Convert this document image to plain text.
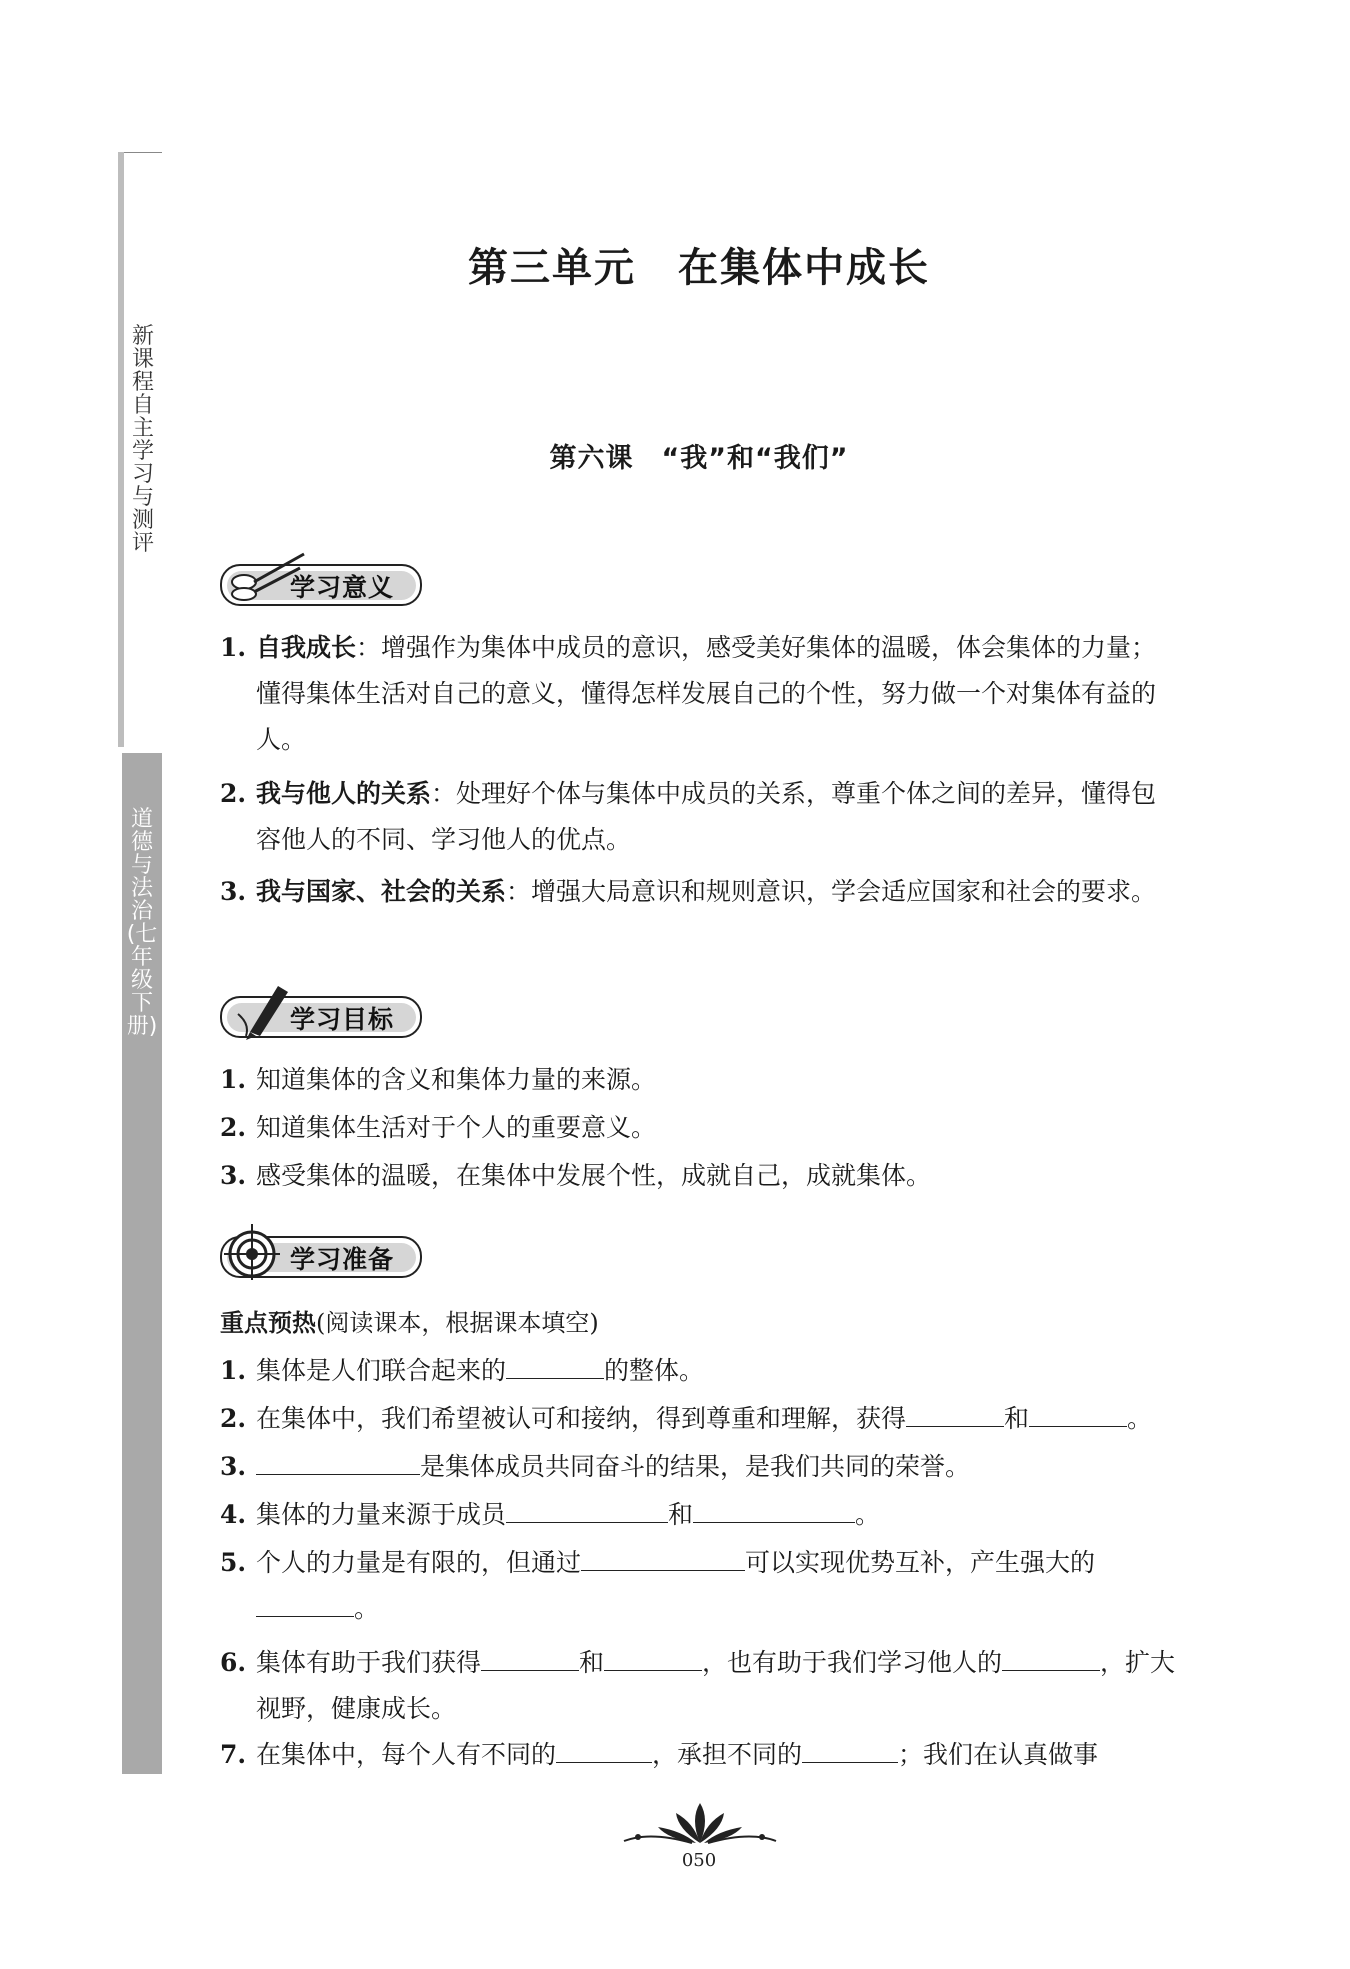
新课程自主学习与测评
道德与法治(七年级下册)
第三单元　在集体中成长
第六课　“我”和“我们”
学习意义
1. 自我成长：增强作为集体中成员的意识，感受美好集体的温暖，体会集体的力量；懂得集体生活对自己的意义，懂得怎样发展自己的个性，努力做一个对集体有益的人。
2. 我与他人的关系：处理好个体与集体中成员的关系，尊重个体之间的差异，懂得包容他人的不同、学习他人的优点。
3. 我与国家、社会的关系：增强大局意识和规则意识，学会适应国家和社会的要求。
学习目标
1. 知道集体的含义和集体力量的来源。
2. 知道集体生活对于个人的重要意义。
3. 感受集体的温暖，在集体中发展个性，成就自己，成就集体。
学习准备
重点预热(阅读课本，根据课本填空)
1. 集体是人们联合起来的	的整体。
2. 在集体中，我们希望被认可和接纳，得到尊重和理解，获得	和	。
3.	是集体成员共同奋斗的结果，是我们共同的荣誉。
4. 集体的力量来源于成员	和	。
5. 个人的力量是有限的，但通过	可以实现优势互补，产生强大的
。
6. 集体有助于我们获得	和	，也有助于我们学习他人的	，扩大视野，健康成长。
7. 在集体中，每个人有不同的	，承担不同的	；我们在认真做事
050
